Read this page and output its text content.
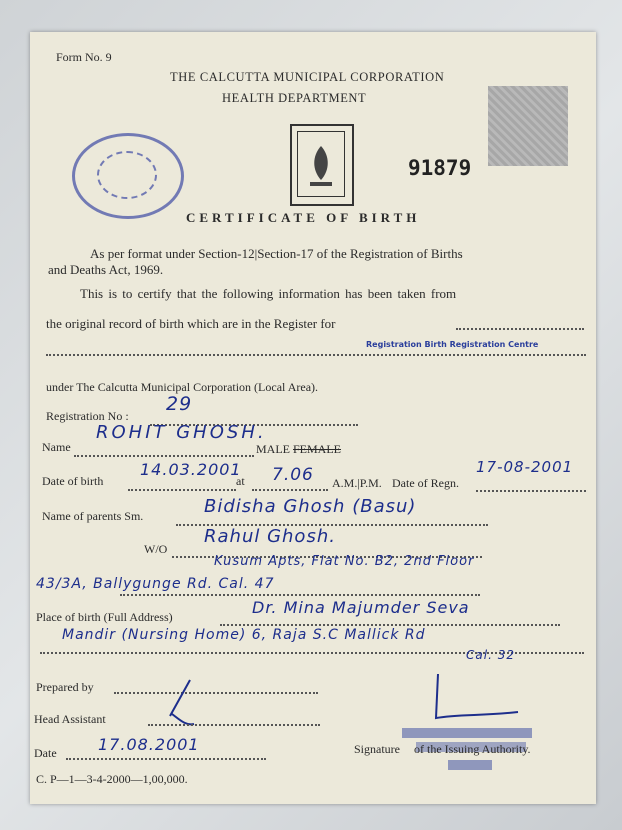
Form No. 9
THE CALCUTTA MUNICIPAL CORPORATION
HEALTH DEPARTMENT
91879
CERTIFICATE OF BIRTH
As per format under Section-12|Section-17 of the Registration of Births
and Deaths Act, 1969.
This is to certify that the following information has been taken from
the original record of birth which are in the Register for
Registration Birth Registration Centre
under The Calcutta Municipal Corporation (Local Area).
Registration No :
29
Name
ROHIT GHOSH.
MALE FEMALE
Date of birth
14.03.2001
at 7.06 A.M.|P.M. Date of Regn.
17-08-2001
Name of parents Sm.	Bidisha Ghosh (Basu)
W/O
Rahul Ghosh.
Kusum Apts, Flat No. B2, 2nd Floor
43/3A, Ballygunge Rd. Cal. 47
Place of birth (Full Address)	Dr. Mina Majumder Seva
Mandir (Nursing Home) 6, Raja S.C Mallick Rd
Cal. 32
Prepared by
Head Assistant
Date	17.08.2001	Signature of the Issuing Authority.
C. P—1—3-4-2000—1,00,000.
